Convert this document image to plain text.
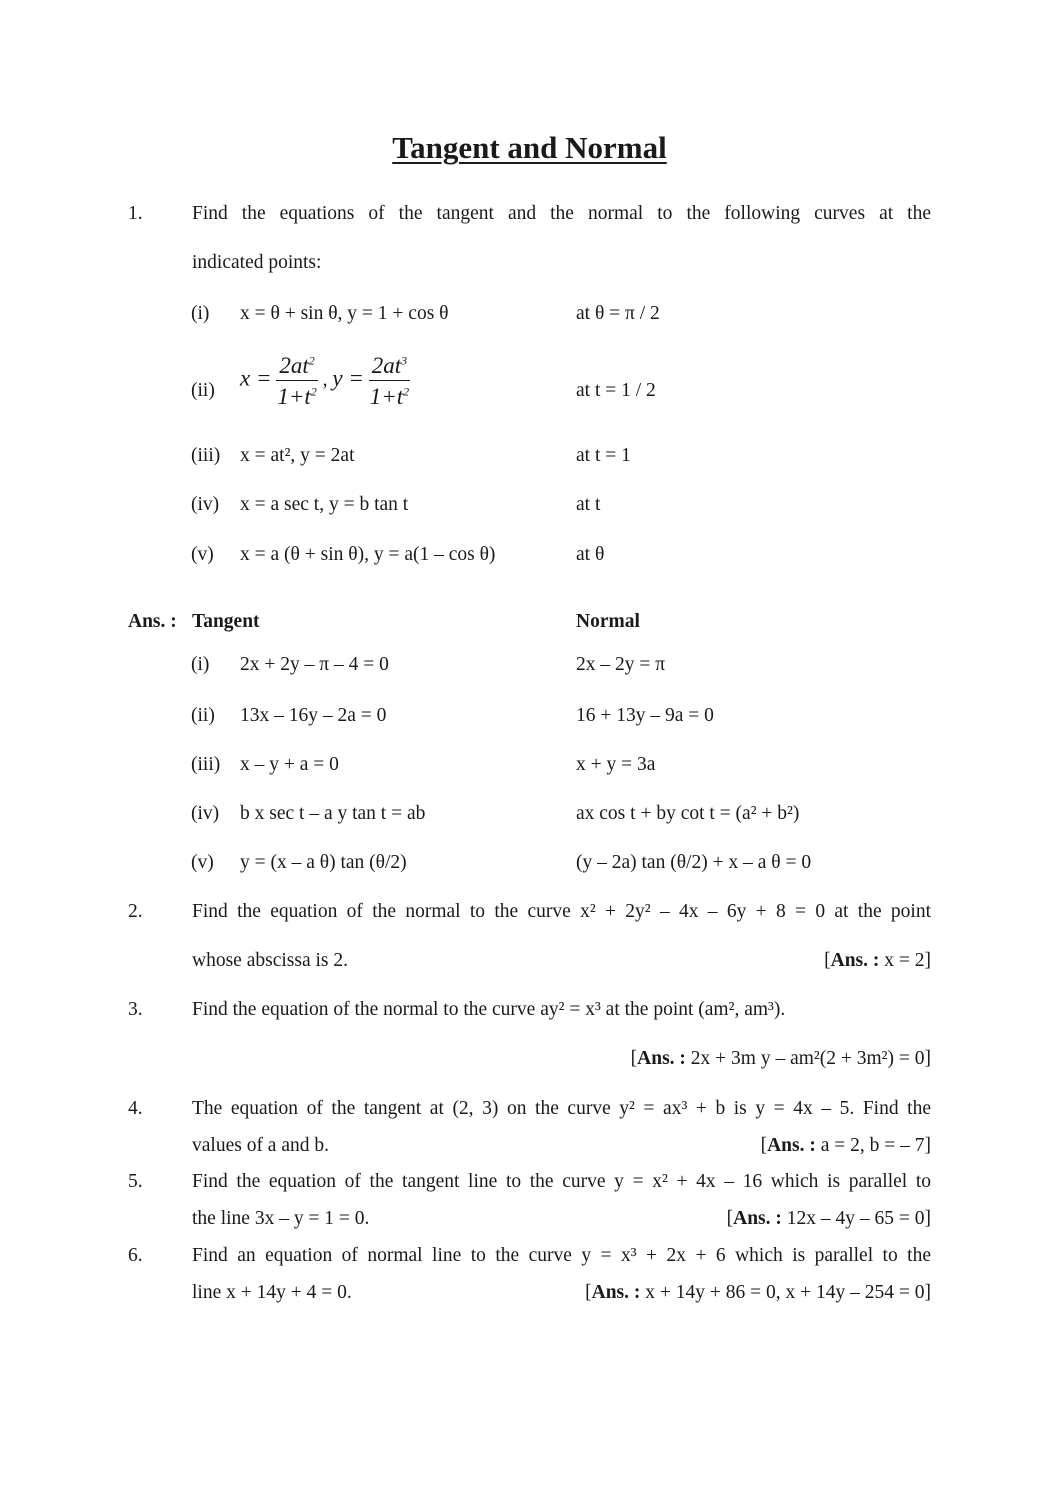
Tangent and Normal
1.	Find the equations of the tangent and the normal to the following curves at the
indicated points:
(i) x = θ + sin θ, y = 1 + cos θ	at θ = π / 2
(ii)
$x = \frac{2at^2}{1+t^2}$ , $y = \frac{2at^3}{1+t^2}$	at t = 1 / 2
(iii) x = at², y = 2at	at t = 1
(iv) x = a sec t, y = b tan t	at t
(v) x = a (θ + sin θ), y = a(1 – cos θ)	at θ
Ans. : Tangent	Normal
(i) 2x + 2y – π – 4 = 0	2x – 2y = π
(ii) 13x – 16y – 2a = 0	16 + 13y – 9a = 0
(iii) x – y + a = 0	x + y = 3a
(iv) b x sec t – a y tan t = ab	ax cos t + by cot t = (a² + b²)
(v) y = (x – a θ) tan (θ/2)	(y – 2a) tan (θ/2) + x – a θ = 0
2.	Find the equation of the normal to the curve x² + 2y² – 4x – 6y + 8 = 0 at the point
whose abscissa is 2.	[Ans. : x = 2]
3.	Find the equation of the normal to the curve ay² = x³ at the point (am², am³).
[Ans. : 2x + 3m y – am²(2 + 3m²) = 0]
4.	The equation of the tangent at (2, 3) on the curve y² = ax³ + b is y = 4x – 5. Find the
values of a and b.	[Ans. : a = 2, b = – 7]
5.	Find the equation of the tangent line to the curve y = x² + 4x – 16 which is parallel to
the line 3x – y = 1 = 0.	[Ans. : 12x – 4y – 65 = 0]
6.	Find an equation of normal line to the curve y = x³ + 2x + 6 which is parallel to the
line x + 14y + 4 = 0.	[Ans. : x + 14y + 86 = 0, x + 14y – 254 = 0]
